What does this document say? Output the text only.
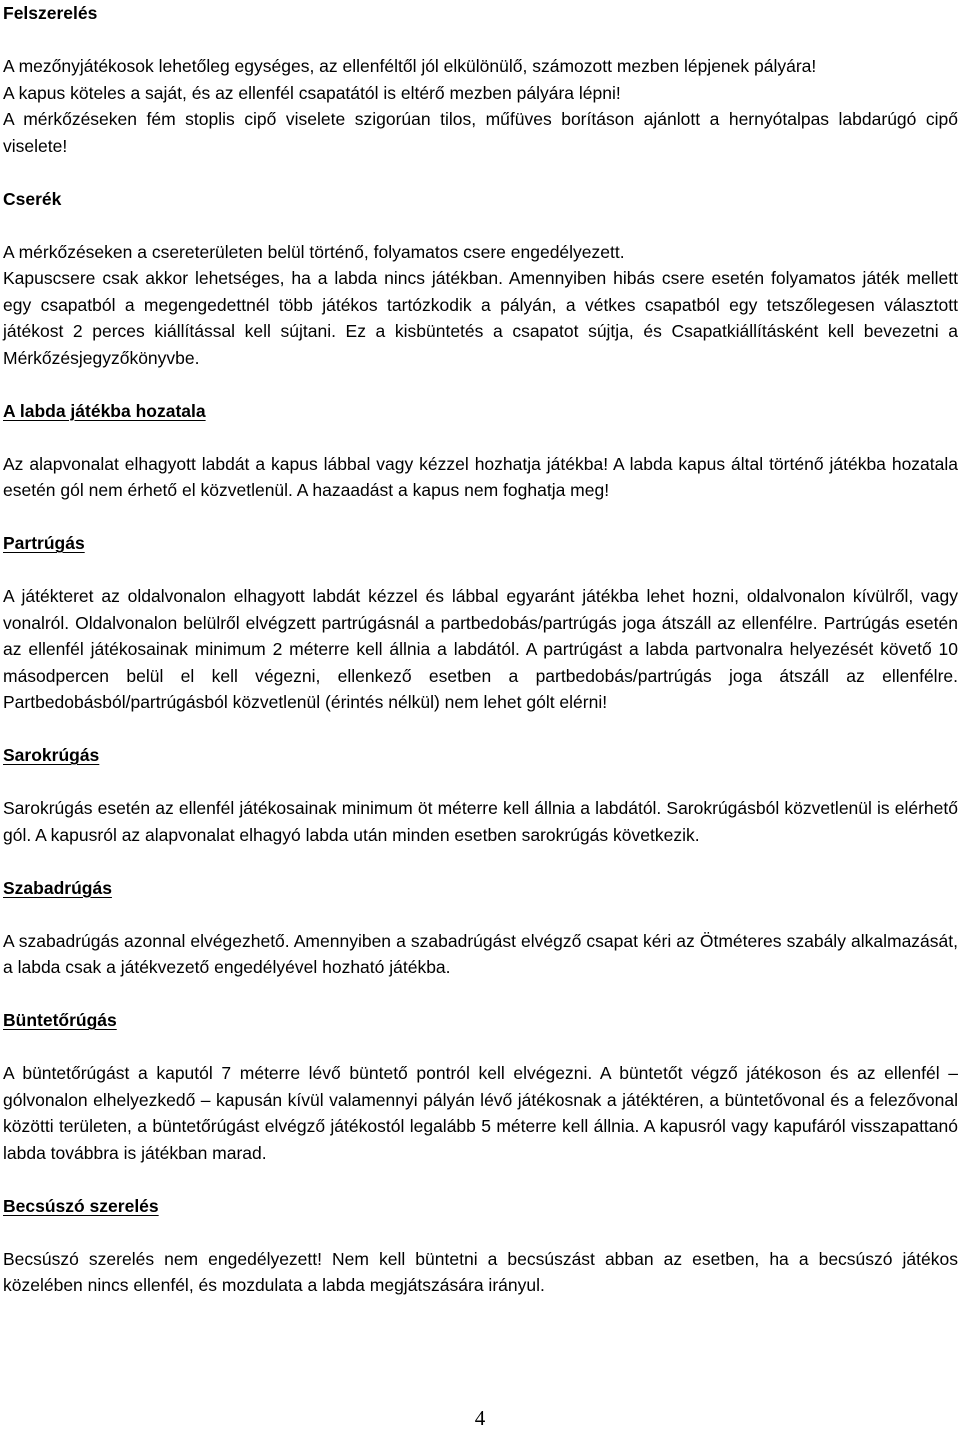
Felszerelés

A mezőnyjátékosok lehetőleg egységes, az ellenféltől jól elkülönülő, számozott mezben lépjenek pályára!

A kapus köteles a saját, és az ellenfél csapatától is eltérő mezben pályára lépni!

A mérkőzéseken fém stoplis cipő viselete szigorúan tilos, műfüves borításon ajánlott a hernyótalpas labdarúgó cipő viselete!

Cserék

A mérkőzéseken a csereterületen belül történő, folyamatos csere engedélyezett.

Kapuscsere csak akkor lehetséges, ha a labda nincs játékban. Amennyiben hibás csere esetén folyamatos játék mellett egy csapatból a megengedettnél több játékos tartózkodik a pályán, a vétkes csapatból egy tetszőlegesen választott játékost 2 perces kiállítással kell sújtani. Ez a kisbüntetés a csapatot sújtja, és Csapatkiállításként kell bevezetni a Mérkőzésjegyzőkönyvbe.

A labda játékba hozatala

Az alapvonalat elhagyott labdát a kapus lábbal vagy kézzel hozhatja játékba! A labda kapus által történő játékba hozatala esetén gól nem érhető el közvetlenül. A hazaadást a kapus nem foghatja meg!

Partrúgás

A játékteret az oldalvonalon elhagyott labdát kézzel és lábbal egyaránt játékba lehet hozni, oldalvonalon kívülről, vagy vonalról. Oldalvonalon belülről elvégzett partrúgásnál a partbedobás/partrúgás joga átszáll az ellenfélre. Partrúgás esetén az ellenfél játékosainak minimum 2 méterre kell állnia a labdától. A partrúgást a labda partvonalra helyezését követő 10 másodpercen belül el kell végezni, ellenkező esetben a partbedobás/partrúgás joga átszáll az ellenfélre. Partbedobásból/partrúgásból közvetlenül (érintés nélkül) nem lehet gólt elérni!

Sarokrúgás

Sarokrúgás esetén az ellenfél játékosainak minimum öt méterre kell állnia a labdától. Sarokrúgásból közvetlenül is elérhető gól. A kapusról az alapvonalat elhagyó labda után minden esetben sarokrúgás következik.

Szabadrúgás

A szabadrúgás azonnal elvégezhető. Amennyiben a szabadrúgást elvégző csapat kéri az Ötméteres szabály alkalmazását, a labda csak a játékvezető engedélyével hozható játékba.

Büntetőrúgás

A büntetőrúgást a kaputól 7 méterre lévő büntető pontról kell elvégezni. A büntetőt végző játékoson és az ellenfél – gólvonalon elhelyezkedő – kapusán kívül valamennyi pályán lévő játékosnak a játéktéren, a büntetővonal és a felezővonal közötti területen, a büntetőrúgást elvégző játékostól legalább 5 méterre kell állnia. A kapusról vagy kapufáról visszapattanó labda továbbra is játékban marad.

Becsúszó szerelés

Becsúszó szerelés nem engedélyezett! Nem kell büntetni a becsúszást abban az esetben, ha a becsúszó játékos közelében nincs ellenfél, és mozdulata a labda megjátszására irányul.

4
